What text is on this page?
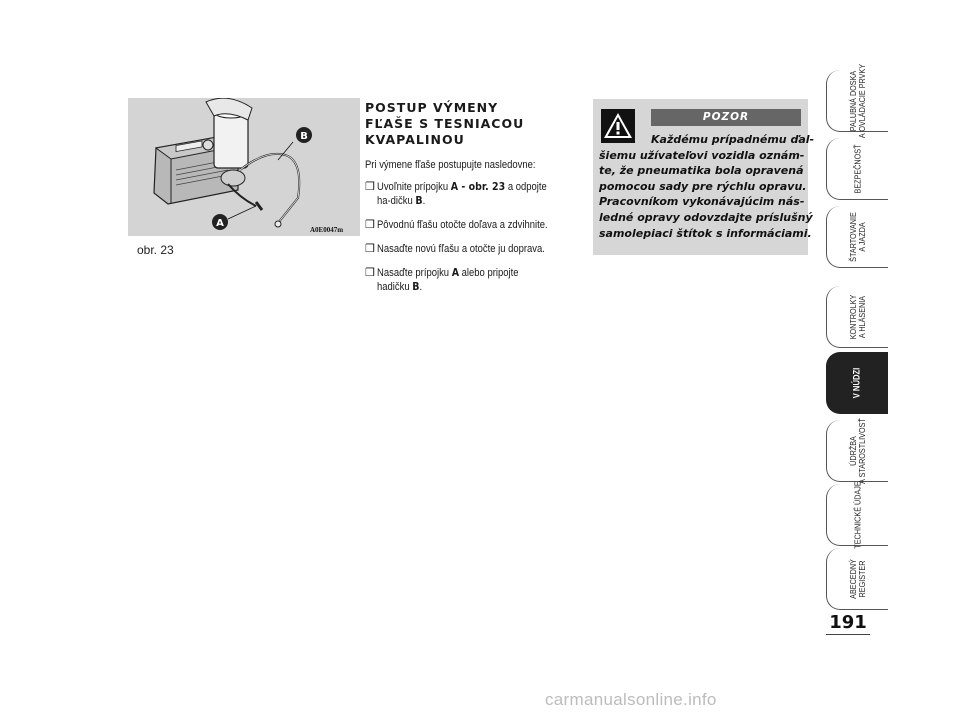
A
B
A0E0047m
obr. 23
POSTUP VÝMENY
FĽAŠE S TESNIACOU
KVAPALINOU
Pri výmene fľaše postupujte nasledovne:
❒ Uvoľnite prípojku A - obr. 23 a odpojte ha-dičku B.
❒ Pôvodnú fľašu otočte doľava a zdvihnite.
❒ Nasaďte novú fľašu a otočte ju doprava.
❒ Nasaďte prípojku A alebo pripojte hadičku B.
POZOR
Každému prípadnému ďal-
šiemu užívateľovi vozidla oznám-
te, že pneumatika bola opravená
pomocou sady pre rýchlu opravu.
Pracovníkom vykonávajúcim nás-
ledné opravy odovzdajte príslušný
samolepiaci štítok s informáciami.
PALUBNÁ DOSKA A OVLÁDACIE PRVKY
BEZPEČNOSŤ
ŠTARTOVANIE A JAZDA
KONTROLKY A HLÁSENIA
V NÚDZI
ÚDRŽBA A STAROSTLIVOSŤ
TECHNICKÉ ÚDAJE
ABECEDNÝ REGISTER
191
carmanualsonline.info
